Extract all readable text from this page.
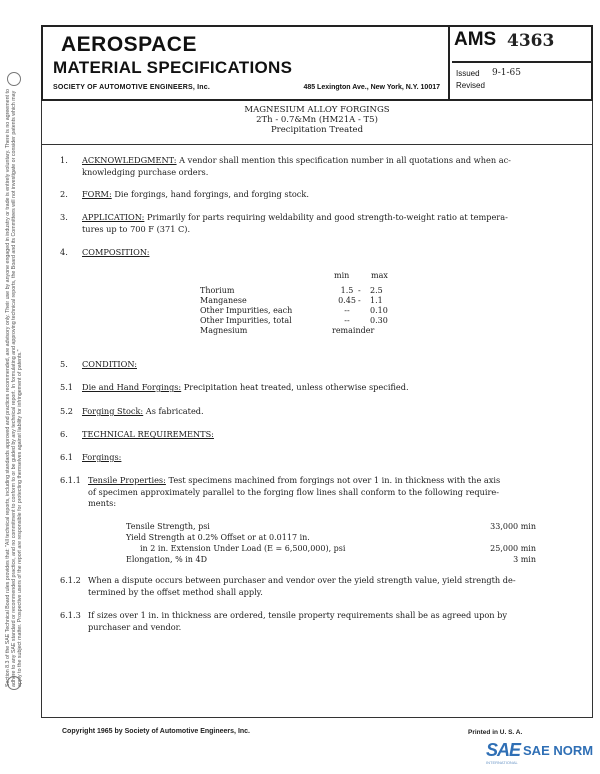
Section 8.3 of the SAE Technical Board rules provides that: "All technical reports, including standards approved and practices recommended, are advisory only. Their use by anyone engaged in industry or trade is entirely voluntary. There is no agreement to adhere to any SAE standard or recommended practice, and no commitment to conform to or be guided by any technical report. In formulating and approving technical reports, the Board and its Committees will not investigate or consider patents which may apply to the subject matter. Prospective users of the report are responsible for protecting themselves against liability for infringement of patents."
AEROSPACE
MATERIAL SPECIFICATIONS
SOCIETY OF AUTOMOTIVE ENGINEERS, Inc.	485 Lexington Ave., New York, N.Y. 10017
AMS 4363
Issued 9-1-65
Revised
MAGNESIUM ALLOY FORGINGS
2Th - 0.7&Mn (HM21A - T5)
Precipitation Treated
1.	ACKNOWLEDGMENT: A vendor shall mention this specification number in all quotations and when ac-
knowledging purchase orders.
2.	FORM: Die forgings, hand forgings, and forging stock.
3.	APPLICATION: Primarily for parts requiring weldability and good strength-to-weight ratio at tempera-
tures up to 700 F (371 C).
4.	COMPOSITION:
min	max
Thorium	1.5 - 2.5
Manganese	0.45 - 1.1
Other Impurities, each	--	0.10
Other Impurities, total	--	0.30
Magnesium	remainder
5.	CONDITION:
5.1	Die and Hand Forgings: Precipitation heat treated, unless otherwise specified.
5.2	Forging Stock: As fabricated.
6.	TECHNICAL REQUIREMENTS:
6.1	Forgings:
6.1.1 Tensile Properties: Test specimens machined from forgings not over 1 in. in thickness with the axis
of specimen approximately parallel to the forging flow lines shall conform to the following require-
ments:
Tensile Strength, psi	33,000 min
Yield Strength at 0.2% Offset or at 0.0117 in.
in 2 in. Extension Under Load (E = 6,500,000), psi	25,000 min
Elongation, % in 4D	3 min
6.1.2 When a dispute occurs between purchaser and vendor over the yield strength value, yield strength de-
termined by the offset method shall apply.
6.1.3 If sizes over 1 in. in thickness are ordered, tensile property requirements shall be as agreed upon by
purchaser and vendor.
Copyright 1965 by Society of Automotive Engineers, Inc.	Printed in U. S. A.
SAE SAE NORM
INTERNATIONAL
